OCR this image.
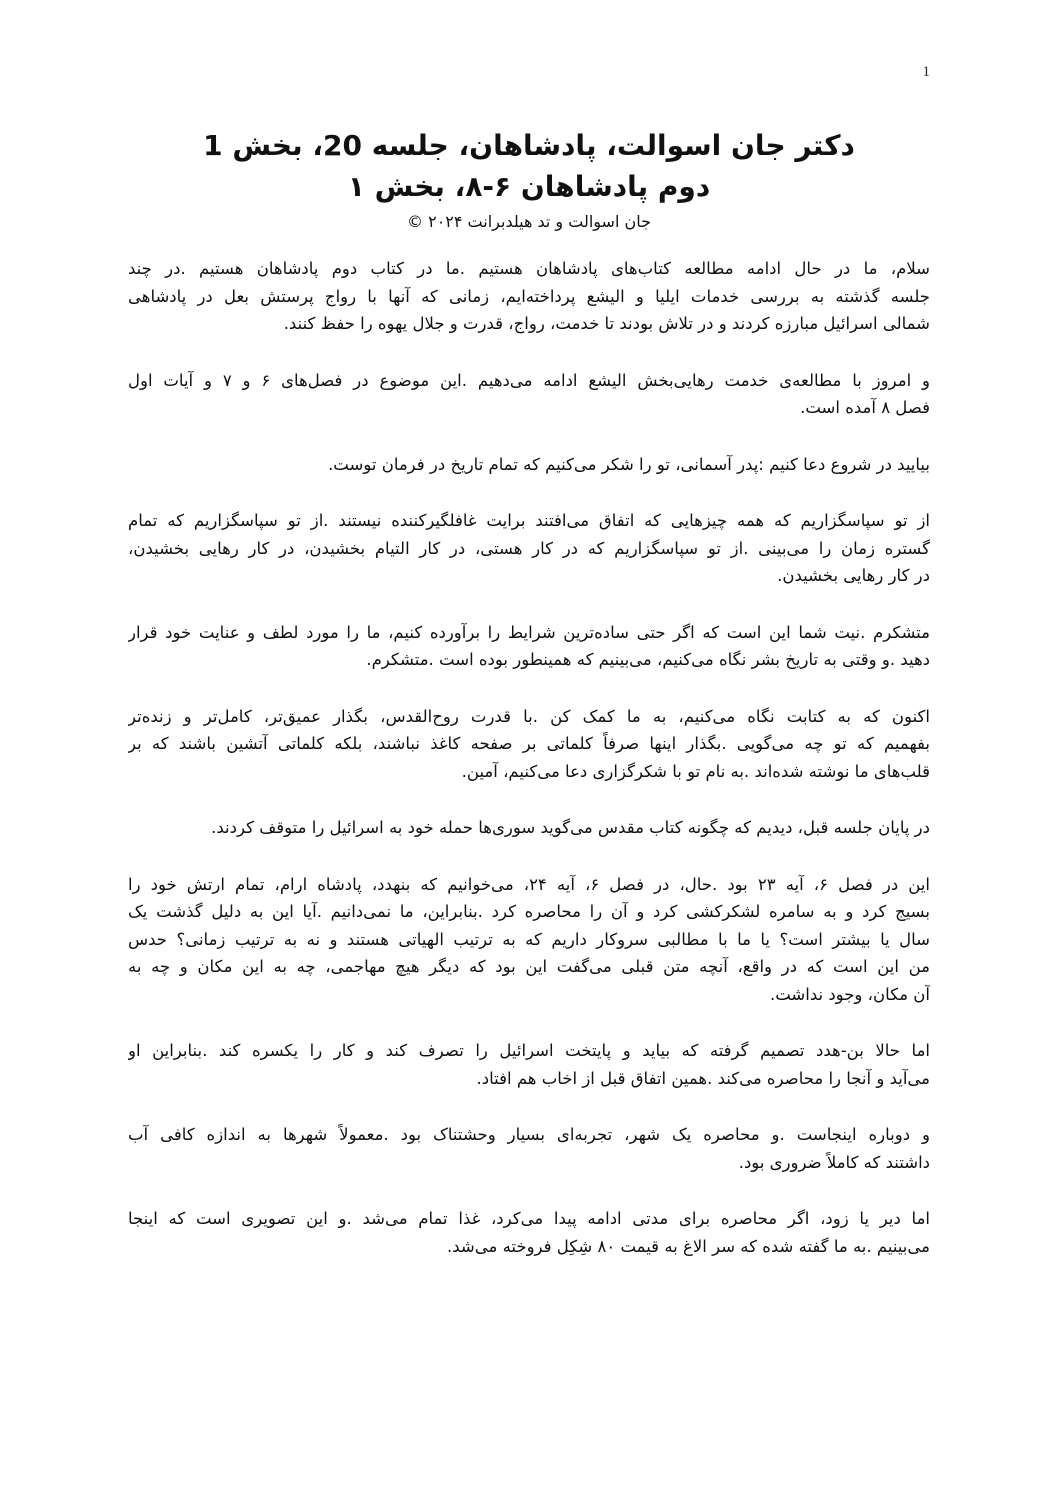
1
دکتر جان اسوالت، پادشاهان، جلسه 20، بخش 1
دوم پادشاهان ۶-۸، بخش ۱
جان اسوالت و تد هیلدبرانت ۲۰۲۴ ©
سلام، ما در حال ادامه مطالعه کتاب‌های پادشاهان هستیم .ما در کتاب دوم پادشاهان هستیم .در چند
جلسه گذشته به بررسی خدمات ایلیا و الیشع پرداخته‌ایم، زمانی که آنها با رواج پرستش بعل در پادشاهی
شمالی اسرائیل مبارزه کردند و در تلاش بودند تا خدمت، رواج، قدرت و جلال یهوه را حفظ کنند.
و امروز با مطالعه‌ی خدمت رهایی‌بخش الیشع ادامه می‌دهیم .این موضوع در فصل‌های ۶ و ۷ و آیات اول
فصل ۸ آمده است.
بیایید در شروع دعا کنیم :پدر آسمانی، تو را شکر می‌کنیم که تمام تاریخ در فرمان توست.
از تو سپاسگزاریم که همه چیزهایی که اتفاق می‌افتند برایت غافلگیرکننده نیستند .از تو سپاسگزاریم که تمام
گستره زمان را می‌بینی .از تو سپاسگزاریم که در کار هستی، در کار التیام بخشیدن، در کار رهایی بخشیدن،
در کار رهایی بخشیدن.
متشکرم .نیت شما این است که اگر حتی ساده‌ترین شرایط را برآورده کنیم، ما را مورد لطف و عنایت خود قرار
دهید .و وقتی به تاریخ بشر نگاه می‌کنیم، می‌بینیم که همینطور بوده است .متشکرم.
اکنون که به کتابت نگاه می‌کنیم، به ما کمک کن .با قدرت روح‌القدس، بگذار عمیق‌تر، کامل‌تر و زنده‌تر
بفهمیم که تو چه می‌گویی .بگذار اینها صرفاً کلماتی بر صفحه کاغذ نباشند، بلکه کلماتی آتشین باشند که بر
قلب‌های ما نوشته شده‌اند .به نام تو با شکرگزاری دعا می‌کنیم، آمین.
در پایان جلسه قبل، دیدیم که چگونه کتاب مقدس می‌گوید سوری‌ها حمله خود به اسرائیل را متوقف کردند.
این در فصل ۶، آیه ۲۳ بود .حال، در فصل ۶، آیه ۲۴، می‌خوانیم که بنهدد، پادشاه ارام، تمام ارتش خود را
بسیج کرد و به سامره لشکرکشی کرد و آن را محاصره کرد .بنابراین، ما نمی‌دانیم .آیا این به دلیل گذشت یک
سال یا بیشتر است؟ یا ما با مطالبی سروکار داریم که به ترتیب الهیاتی هستند و نه به ترتیب زمانی؟ حدس
من این است که در واقع، آنچه متن قبلی می‌گفت این بود که دیگر هیچ مهاجمی، چه به این مکان و چه به
آن مکان، وجود نداشت.
اما حالا بن-هدد تصمیم گرفته که بیاید و پایتخت اسرائیل را تصرف کند و کار را یکسره کند .بنابراین او
می‌آید و آنجا را محاصره می‌کند .همین اتفاق قبل از اخاب هم افتاد.
و دوباره اینجاست .و محاصره یک شهر، تجربه‌ای بسیار وحشتناک بود .معمولاً شهرها به اندازه کافی آب
داشتند که کاملاً ضروری بود.
اما دیر یا زود، اگر محاصره برای مدتی ادامه پیدا می‌کرد، غذا تمام می‌شد .و این تصویری است که اینجا
می‌بینیم .به ما گفته شده که سر الاغ به قیمت ۸۰ شِکِل فروخته می‌شد.
